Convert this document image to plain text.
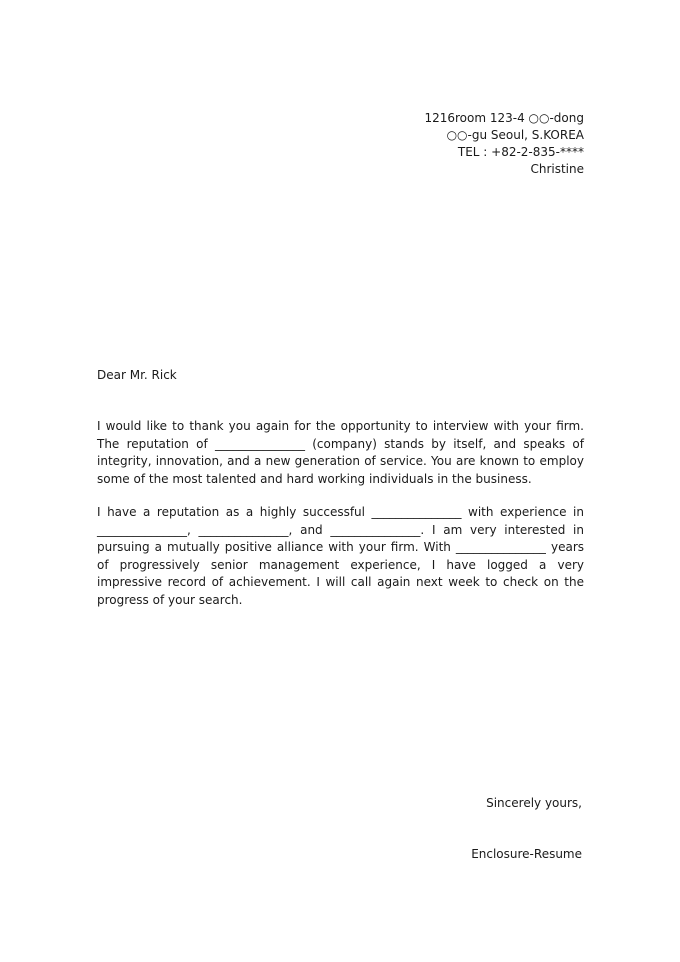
1216room 123-4 ○○-dong
○○-gu Seoul, S.KOREA
TEL : +82-2-835-****
Christine
Dear Mr. Rick

I would like to thank you again for the opportunity to interview with your firm. The reputation of _______________ (company) stands by itself, and speaks of integrity, innovation, and a new generation of service. You are known to employ some of the most talented and hard working individuals in the business.

I have a reputation as a highly successful _______________ with experience in _______________, _______________, and _______________. I am very interested in pursuing a mutually positive alliance with your firm. With _______________ years of progressively senior management experience, I have logged a very impressive record of achievement. I will call again next week to check on the progress of your search.

Sincerely yours,
Enclosure-Resume
